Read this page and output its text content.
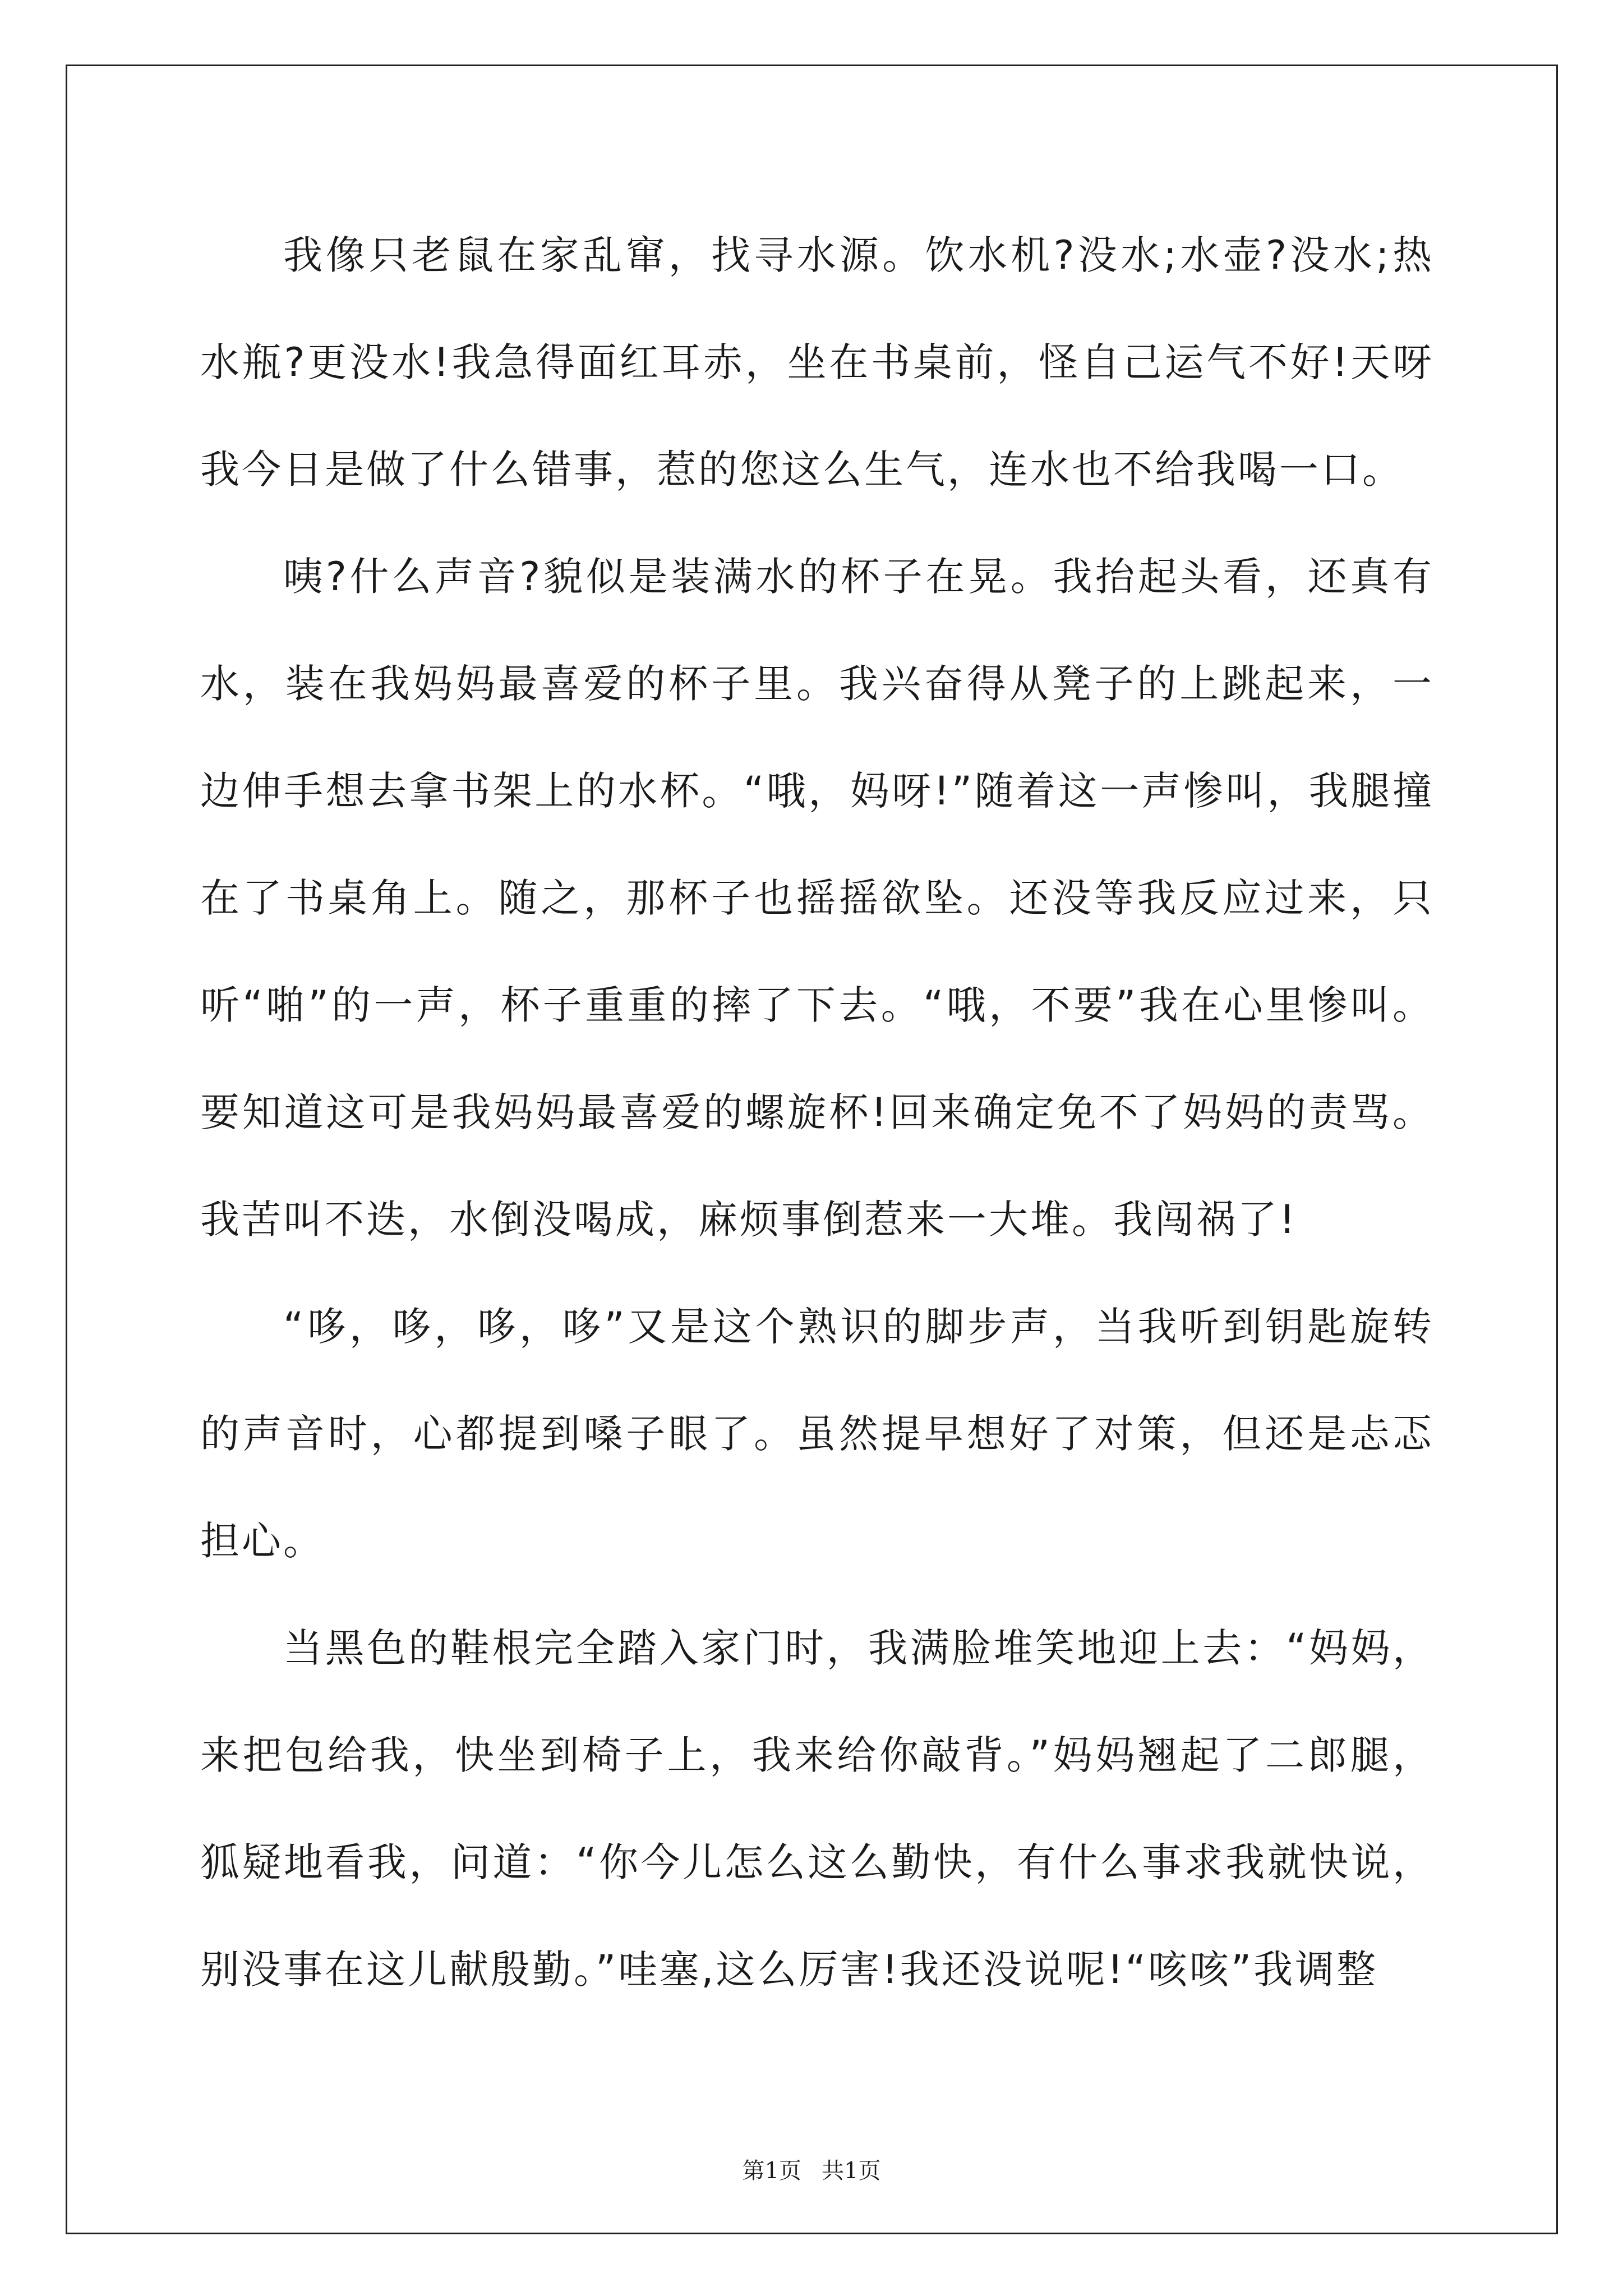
我像只老鼠在家乱窜，找寻水源。饮水机?没水;水壶?没水;热水瓶?更没水!我急得面红耳赤，坐在书桌前，怪自己运气不好!天呀我今日是做了什么错事，惹的您这么生气，连水也不给我喝一口。

咦?什么声音?貌似是装满水的杯子在晃。我抬起头看，还真有水，装在我妈妈最喜爱的杯子里。我兴奋得从凳子的上跳起来，一边伸手想去拿书架上的水杯。“哦，妈呀!”随着这一声惨叫，我腿撞在了书桌角上。随之，那杯子也摇摇欲坠。还没等我反应过来，只听“啪”的一声，杯子重重的摔了下去。“哦，不要”我在心里惨叫。要知道这可是我妈妈最喜爱的螺旋杯!回来确定免不了妈妈的责骂。我苦叫不迭，水倒没喝成，麻烦事倒惹来一大堆。我闯祸了!

“哆，哆，哆，哆”又是这个熟识的脚步声，当我听到钥匙旋转的声音时，心都提到嗓子眼了。虽然提早想好了对策，但还是忐忑担心。

当黑色的鞋根完全踏入家门时，我满脸堆笑地迎上去：“妈妈，来把包给我，快坐到椅子上，我来给你敲背。”妈妈翘起了二郎腿，狐疑地看我，问道：“你今儿怎么这么勤快，有什么事求我就快说，别没事在这儿献殷勤。”哇塞,这么厉害!我还没说呢!“咳咳”我调整

第1页 共1页
